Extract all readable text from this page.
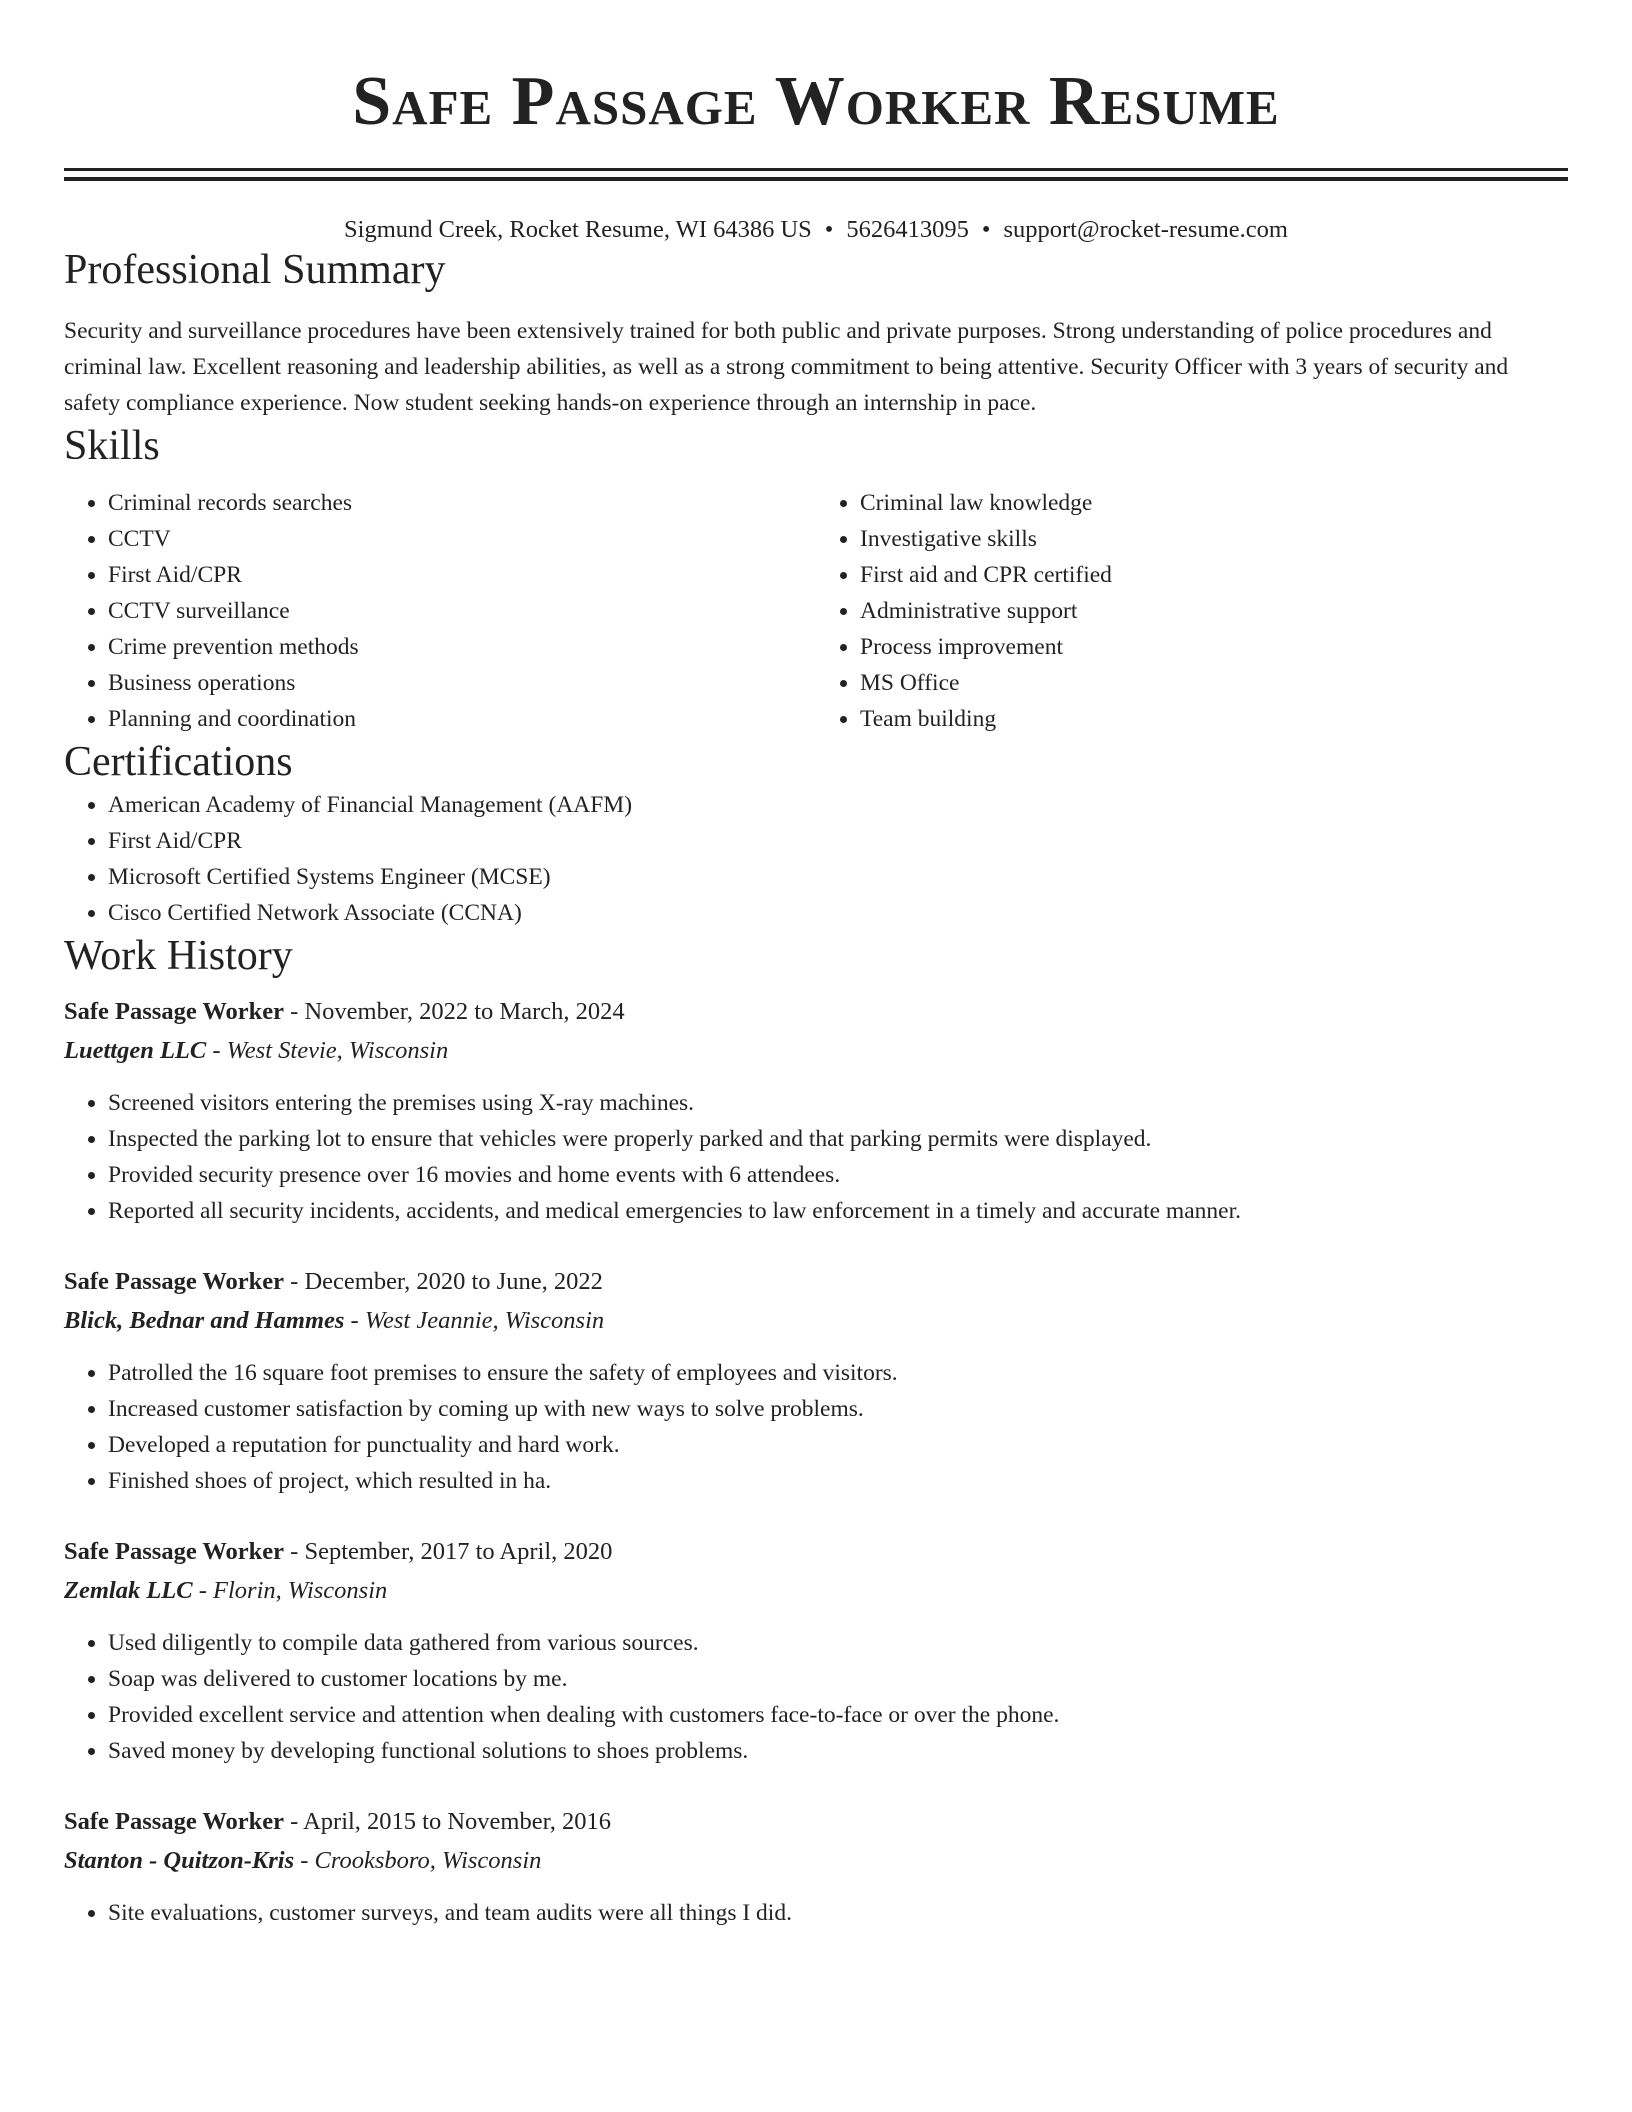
Safe Passage Worker Resume
Sigmund Creek, Rocket Resume, WI 64386 US • 5626413095 • support@rocket-resume.com
Professional Summary

Security and surveillance procedures have been extensively trained for both public and private purposes. Strong understanding of police procedures and criminal law. Excellent reasoning and leadership abilities, as well as a strong commitment to being attentive. Security Officer with 3 years of security and safety compliance experience. Now student seeking hands-on experience through an internship in pace.

Skills
• Criminal records searches
• CCTV
• First Aid/CPR
• CCTV surveillance
• Crime prevention methods
• Business operations
• Planning and coordination
• Criminal law knowledge
• Investigative skills
• First aid and CPR certified
• Administrative support
• Process improvement
• MS Office
• Team building
Certifications
• American Academy of Financial Management (AAFM)
• First Aid/CPR
• Microsoft Certified Systems Engineer (MCSE)
• Cisco Certified Network Associate (CCNA)
Work History
Safe Passage Worker - November, 2022 to March, 2024
Luettgen LLC - West Stevie, Wisconsin
• Screened visitors entering the premises using X-ray machines.
• Inspected the parking lot to ensure that vehicles were properly parked and that parking permits were displayed.
• Provided security presence over 16 movies and home events with 6 attendees.
• Reported all security incidents, accidents, and medical emergencies to law enforcement in a timely and accurate manner.
Safe Passage Worker - December, 2020 to June, 2022
Blick, Bednar and Hammes - West Jeannie, Wisconsin
• Patrolled the 16 square foot premises to ensure the safety of employees and visitors.
• Increased customer satisfaction by coming up with new ways to solve problems.
• Developed a reputation for punctuality and hard work.
• Finished shoes of project, which resulted in ha.
Safe Passage Worker - September, 2017 to April, 2020
Zemlak LLC - Florin, Wisconsin
• Used diligently to compile data gathered from various sources.
• Soap was delivered to customer locations by me.
• Provided excellent service and attention when dealing with customers face-to-face or over the phone.
• Saved money by developing functional solutions to shoes problems.
Safe Passage Worker - April, 2015 to November, 2016
Stanton - Quitzon-Kris - Crooksboro, Wisconsin
• Site evaluations, customer surveys, and team audits were all things I did.
